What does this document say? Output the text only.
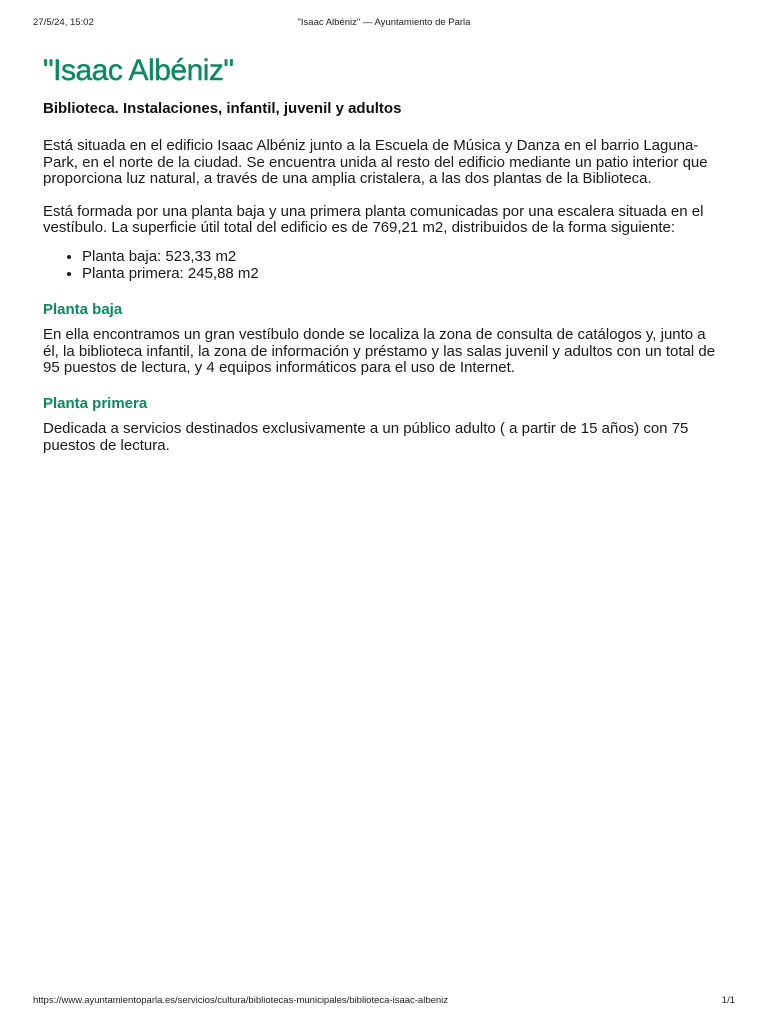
27/5/24, 15:02	"Isaac Albéniz" — Ayuntamiento de Parla
"Isaac Albéniz"
Biblioteca. Instalaciones, infantil, juvenil y adultos

Está situada en el edificio Isaac Albéniz junto a la Escuela de Música y Danza en el barrio Laguna-Park, en el norte de la ciudad. Se encuentra unida al resto del edificio mediante un patio interior que proporciona luz natural, a través de una amplia cristalera, a las dos plantas de la Biblioteca.

Está formada por una planta baja y una primera planta comunicadas por una escalera situada en el vestíbulo. La superficie útil total del edificio es de 769,21 m2, distribuidos de la forma siguiente:

• Planta baja: 523,33 m2
• Planta primera: 245,88 m2
Planta baja

En ella encontramos un gran vestíbulo donde se localiza la zona de consulta de catálogos y, junto a él, la biblioteca infantil, la zona de información y préstamo y las salas juvenil y adultos con un total de 95 puestos de lectura, y 4 equipos informáticos para el uso de Internet.

Planta primera

Dedicada a servicios destinados exclusivamente a un público adulto ( a partir de 15 años) con 75 puestos de lectura.

https://www.ayuntamientoparla.es/servicios/cultura/bibliotecas-municipales/biblioteca-isaac-albeniz	1/1
